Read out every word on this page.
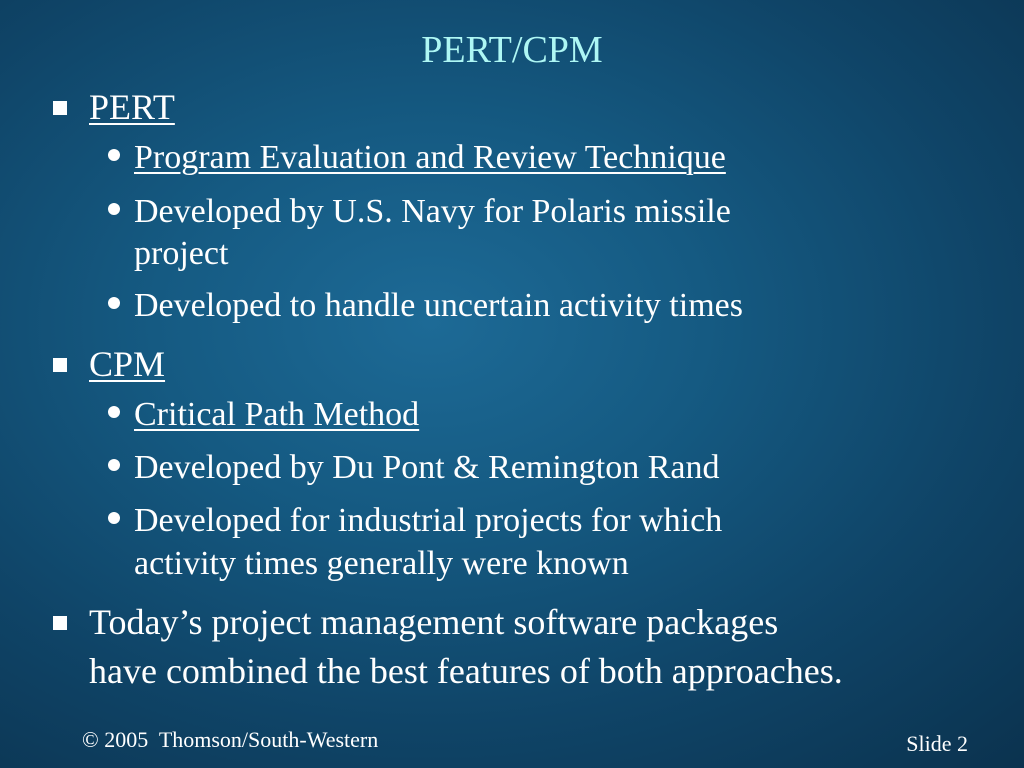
PERT/CPM
PERT
Program Evaluation and Review Technique
Developed by U.S. Navy for Polaris missile
project
Developed to handle uncertain activity times
CPM
Critical Path Method
Developed by Du Pont & Remington Rand
Developed for industrial projects for which
activity times generally were known
Today’s project management software packages
have combined the best features of both approaches.
© 2005  Thomson/South-Western	Slide 2
